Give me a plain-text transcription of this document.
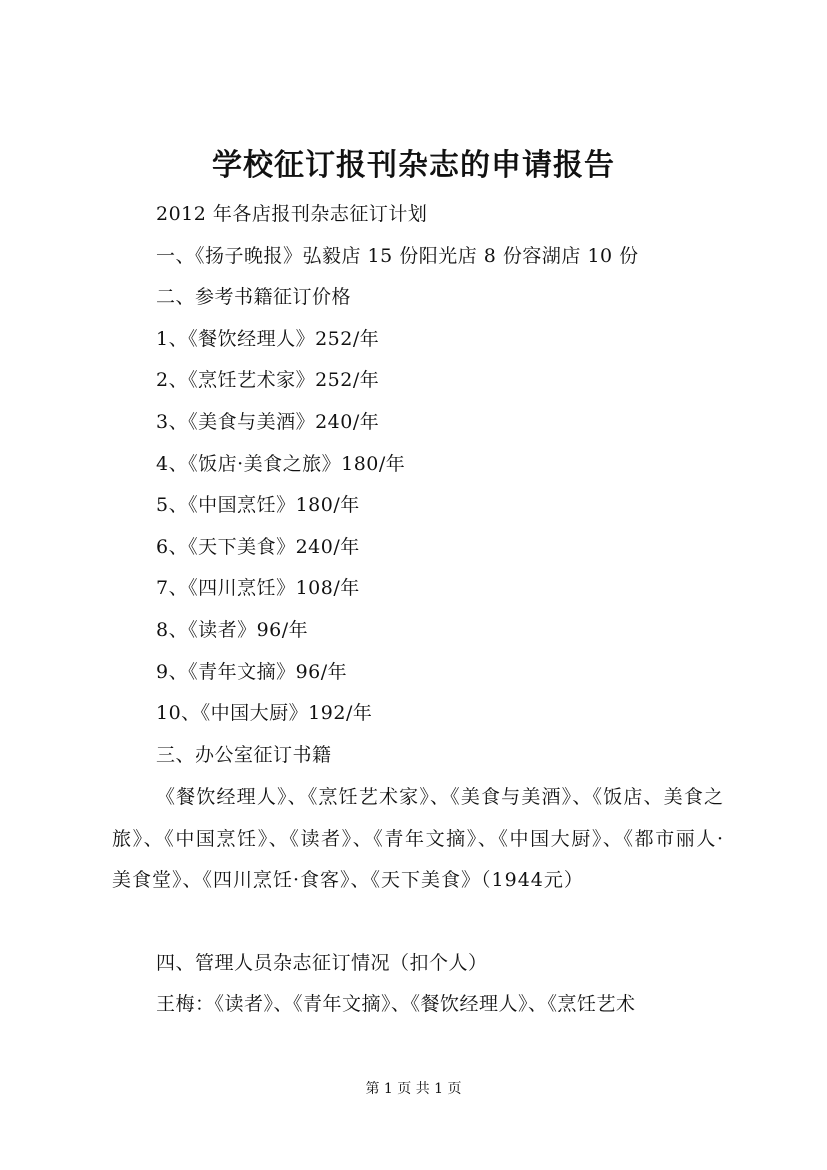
学校征订报刊杂志的申请报告
2012 年各店报刊杂志征订计划
一、《扬子晚报》弘毅店 15 份阳光店 8 份容湖店 10 份
二、参考书籍征订价格
1、《餐饮经理人》252/年
2、《烹饪艺术家》252/年
3、《美食与美酒》240/年
4、《饭店·美食之旅》180/年
5、《中国烹饪》180/年
6、《天下美食》240/年
7、《四川烹饪》108/年
8、《读者》96/年
9、《青年文摘》96/年
10、《中国大厨》192/年
三、办公室征订书籍
《餐饮经理人》、《烹饪艺术家》、《美食与美酒》、《饭店、美食之旅》、《中国烹饪》、《读者》、《青年文摘》、《中国大厨》、《都市丽人·美食堂》、《四川烹饪·食客》、《天下美食》（1944元）
四、管理人员杂志征订情况（扣个人）
王梅：《读者》、《青年文摘》、《餐饮经理人》、《烹饪艺术
第 1 页 共 1 页
